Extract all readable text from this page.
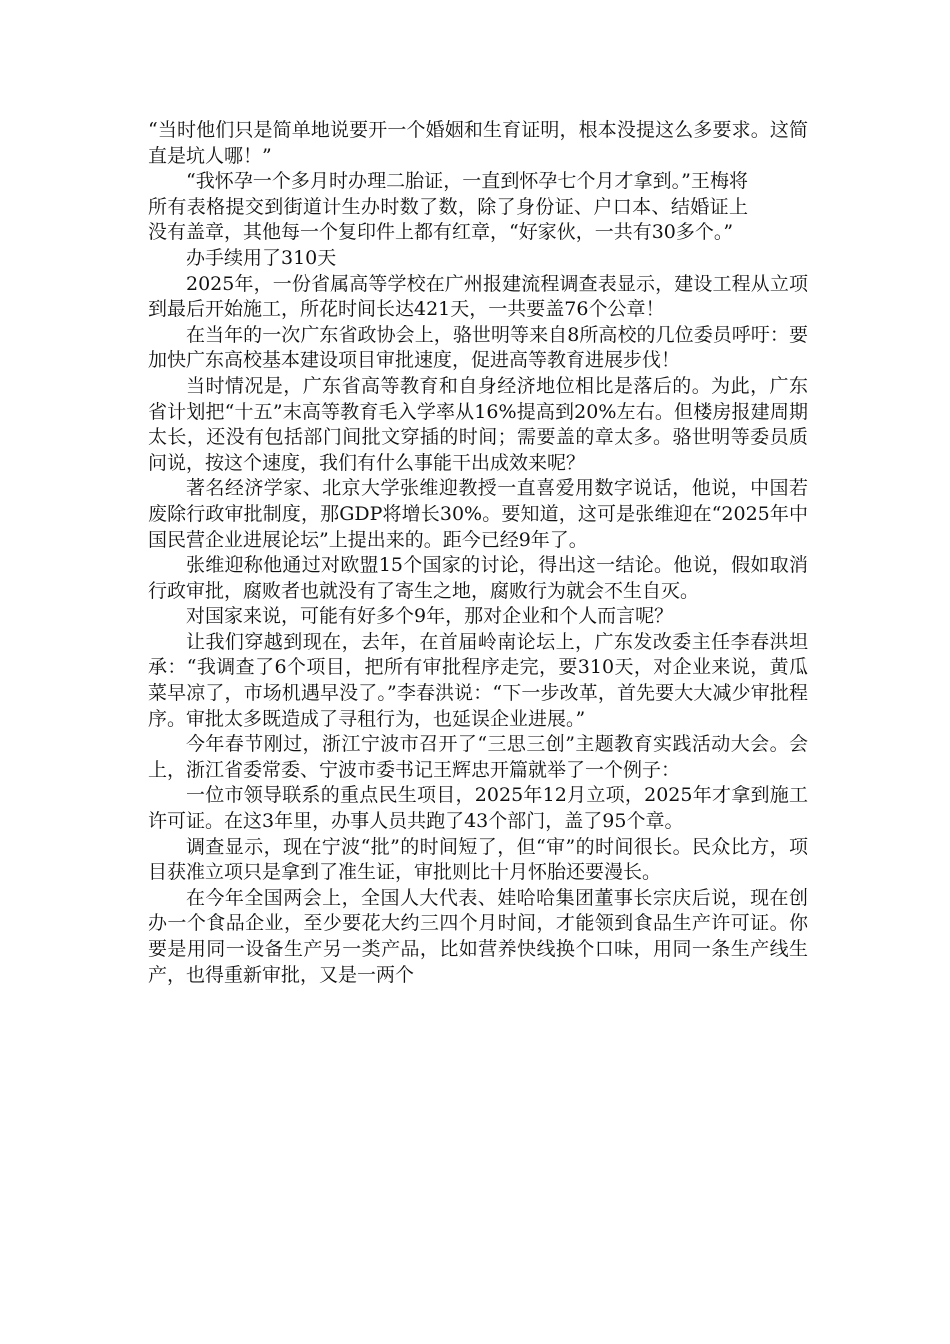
“当时他们只是简单地说要开一个婚姻和生育证明，根本没提这么多要求。这简直是坑人哪！”

“我怀孕一个多月时办理二胎证，一直到怀孕七个月才拿到。”王梅将所有表格提交到街道计生办时数了数，除了身份证、户口本、结婚证上没有盖章，其他每一个复印件上都有红章，“好家伙，一共有30多个。”

办手续用了310天

2025年，一份省属高等学校在广州报建流程调查表显示，建设工程从立项到最后开始施工，所花时间长达421天，一共要盖76个公章！

在当年的一次广东省政协会上，骆世明等来自8所高校的几位委员呼吁：要加快广东高校基本建设项目审批速度，促进高等教育进展步伐！

当时情况是，广东省高等教育和自身经济地位相比是落后的。为此，广东省计划把“十五”末高等教育毛入学率从16%提高到20%左右。但楼房报建周期太长，还没有包括部门间批文穿插的时间；需要盖的章太多。骆世明等委员质问说，按这个速度，我们有什么事能干出成效来呢？

著名经济学家、北京大学张维迎教授一直喜爱用数字说话，他说，中国若废除行政审批制度，那GDP将增长30%。要知道，这可是张维迎在“2025年中国民营企业进展论坛”上提出来的。距今已经9年了。

张维迎称他通过对欧盟15个国家的讨论，得出这一结论。他说，假如取消行政审批，腐败者也就没有了寄生之地，腐败行为就会不生自灭。

对国家来说，可能有好多个9年，那对企业和个人而言呢？

让我们穿越到现在，去年，在首届岭南论坛上，广东发改委主任李春洪坦承：“我调查了6个项目，把所有审批程序走完，要310天，对企业来说，黄瓜菜早凉了，市场机遇早没了。”李春洪说：“下一步改革，首先要大大减少审批程序。审批太多既造成了寻租行为，也延误企业进展。”

今年春节刚过，浙江宁波市召开了“三思三创”主题教育实践活动大会。会上，浙江省委常委、宁波市委书记王辉忠开篇就举了一个例子：

一位市领导联系的重点民生项目，2025年12月立项，2025年才拿到施工许可证。在这3年里，办事人员共跑了43个部门，盖了95个章。

调查显示，现在宁波“批”的时间短了，但“审”的时间很长。民众比方，项目获准立项只是拿到了准生证，审批则比十月怀胎还要漫长。

在今年全国两会上，全国人大代表、娃哈哈集团董事长宗庆后说，现在创办一个食品企业，至少要花大约三四个月时间，才能领到食品生产许可证。你要是用同一设备生产另一类产品，比如营养快线换个口味，用同一条生产线生产，也得重新审批，又是一两个
